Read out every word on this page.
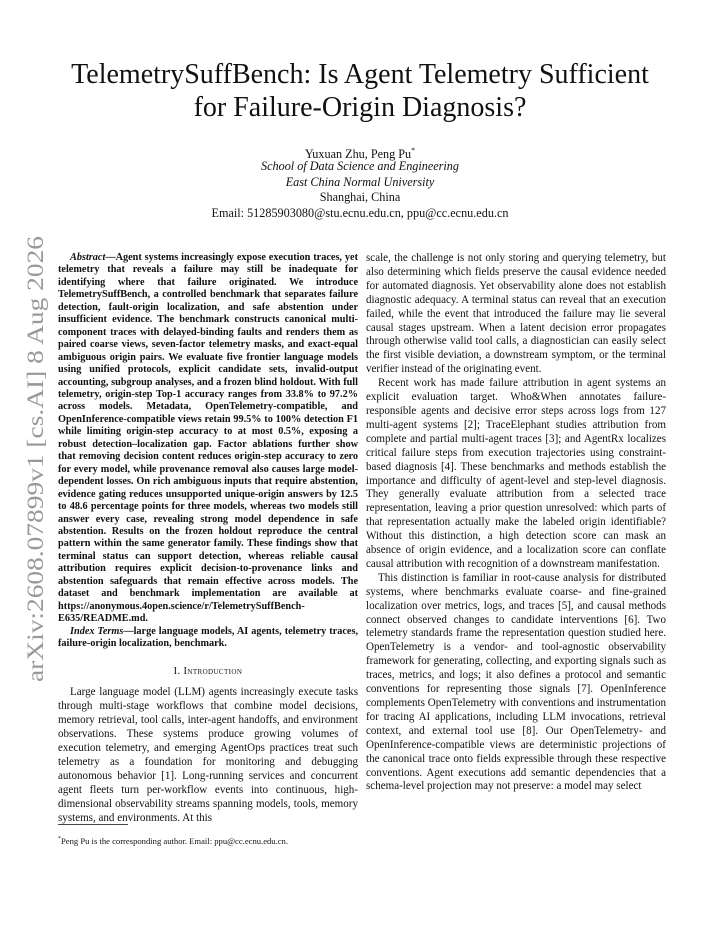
arXiv:2608.07899v1 [cs.AI] 8 Aug 2026
TelemetrySuffBench: Is Agent Telemetry Sufficient
for Failure-Origin Diagnosis?
Yuxuan Zhu, Peng Pu*
School of Data Science and Engineering
East China Normal University
Shanghai, China
Email: 51285903080@stu.ecnu.edu.cn, ppu@cc.ecnu.edu.cn

Abstract—Agent systems increasingly expose execution traces, yet telemetry that reveals a failure may still be inadequate for identifying where that failure originated. We introduce TelemetrySuffBench, a controlled benchmark that separates failure detection, fault-origin localization, and safe abstention under insufficient evidence. The benchmark constructs canonical multi-component traces with delayed-binding faults and renders them as paired coarse views, seven-factor telemetry masks, and exact-equal ambiguous origin pairs. We evaluate five frontier language models using unified protocols, explicit candidate sets, invalid-output accounting, subgroup analyses, and a frozen blind holdout. With full telemetry, origin-step Top-1 accuracy ranges from 33.8% to 97.2% across models. Metadata, OpenTelemetry-compatible, and OpenInference-compatible views retain 99.5% to 100% detection F1 while limiting origin-step accuracy to at most 0.5%, exposing a robust detection–localization gap. Factor ablations further show that removing decision content reduces origin-step accuracy to zero for every model, while provenance removal also causes large model-dependent losses. On rich ambiguous inputs that require abstention, evidence gating reduces unsupported unique-origin answers by 12.5 to 48.6 percentage points for three models, whereas two models still answer every case, revealing strong model dependence in safe abstention. Results on the frozen holdout reproduce the central pattern within the same generator family. These findings show that terminal status can support detection, whereas reliable causal attribution requires explicit decision-to-provenance links and abstention safeguards that remain effective across models. The dataset and benchmark implementation are available at https://anonymous.4open.science/r/TelemetrySuffBench-E635/README.md.

Index Terms—large language models, AI agents, telemetry traces, failure-origin localization, benchmark.

I. Introduction

Large language model (LLM) agents increasingly execute tasks through multi-stage workflows that combine model decisions, memory retrieval, tool calls, inter-agent handoffs, and environment observations. These systems produce growing volumes of execution telemetry, and emerging AgentOps practices treat such telemetry as a foundation for monitoring and debugging autonomous behavior [1]. Long-running services and concurrent agent fleets turn per-workflow events into continuous, high-dimensional observability streams spanning models, tools, memory systems, and environments. At this

scale, the challenge is not only storing and querying telemetry, but also determining which fields preserve the causal evidence needed for automated diagnosis. Yet observability alone does not establish diagnostic adequacy. A terminal status can reveal that an execution failed, while the event that introduced the failure may lie several causal stages upstream. When a latent decision error propagates through otherwise valid tool calls, a diagnostician can easily select the first visible deviation, a downstream symptom, or the terminal verifier instead of the originating event.

Recent work has made failure attribution in agent systems an explicit evaluation target. Who&When annotates failure-responsible agents and decisive error steps across logs from 127 multi-agent systems [2]; TraceElephant studies attribution from complete and partial multi-agent traces [3]; and AgentRx localizes critical failure steps from execution trajectories using constraint-based diagnosis [4]. These benchmarks and methods establish the importance and difficulty of agent-level and step-level diagnosis. They generally evaluate attribution from a selected trace representation, leaving a prior question unresolved: which parts of that representation actually make the labeled origin identifiable? Without this distinction, a high detection score can mask an absence of origin evidence, and a localization score can conflate causal attribution with recognition of a downstream manifestation.

This distinction is familiar in root-cause analysis for distributed systems, where benchmarks evaluate coarse- and fine-grained localization over metrics, logs, and traces [5], and causal methods connect observed changes to candidate interventions [6]. Two telemetry standards frame the representation question studied here. OpenTelemetry is a vendor- and tool-agnostic observability framework for generating, collecting, and exporting signals such as traces, metrics, and logs; it also defines a protocol and semantic conventions for representing those signals [7]. OpenInference complements OpenTelemetry with conventions and instrumentation for tracing AI applications, including LLM invocations, retrieval context, and external tool use [8]. Our OpenTelemetry- and OpenInference-compatible views are deterministic projections of the canonical trace onto fields expressible through these respective conventions. Agent executions add semantic dependencies that a schema-level projection may not preserve: a model may select

*Peng Pu is the corresponding author. Email: ppu@cc.ecnu.edu.cn.
